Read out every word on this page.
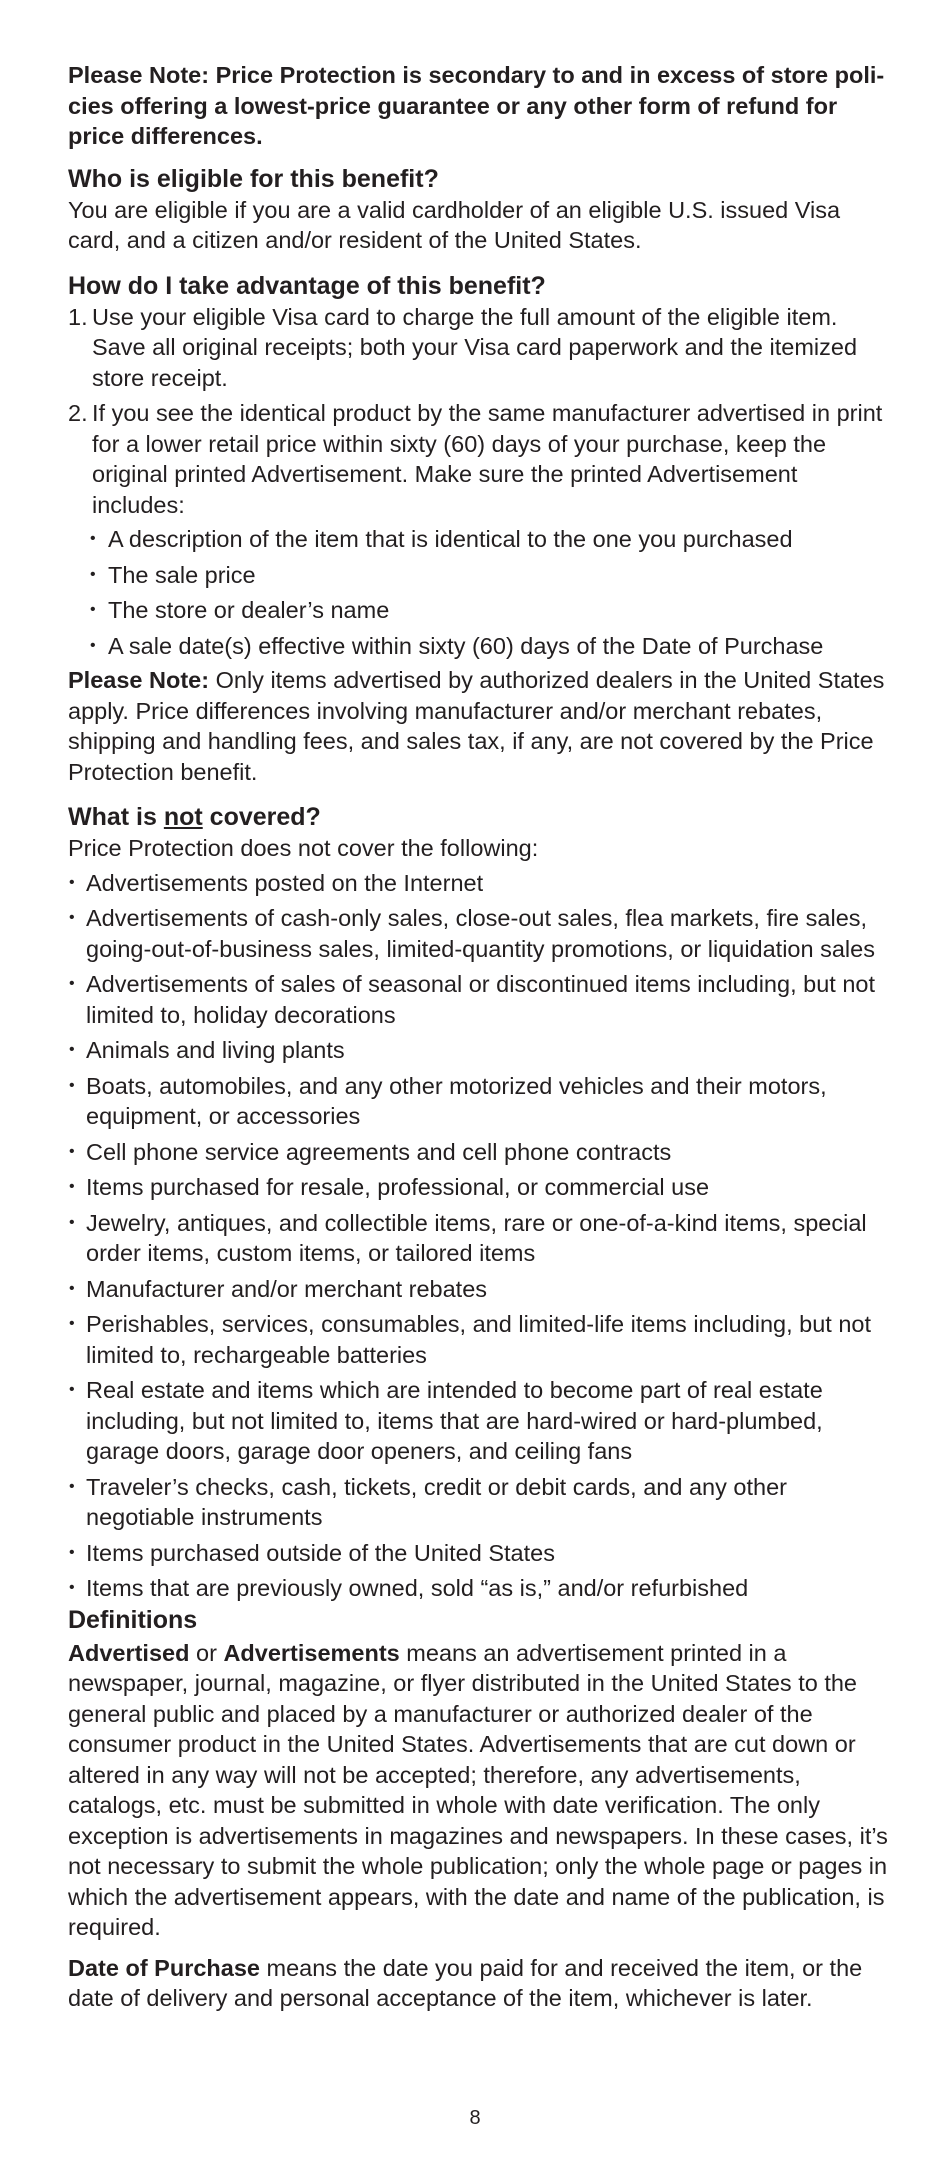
Please Note: Price Protection is secondary to and in excess of store poli-cies offering a lowest-price guarantee or any other form of refund for price differences.

Who is eligible for this benefit?

You are eligible if you are a valid cardholder of an eligible U.S. issued Visa card, and a citizen and/or resident of the United States.

How do I take advantage of this benefit?
1. Use your eligible Visa card to charge the full amount of the eligible item. Save all original receipts; both your Visa card paperwork and the itemized store receipt.
2. If you see the identical product by the same manufacturer advertised in print for a lower retail price within sixty (60) days of your purchase, keep the original printed Advertisement. Make sure the printed Advertisement includes:
• A description of the item that is identical to the one you purchased
• The sale price
• The store or dealer’s name
• A sale date(s) effective within sixty (60) days of the Date of Purchase

Please Note: Only items advertised by authorized dealers in the United States apply. Price differences involving manufacturer and/or merchant rebates, shipping and handling fees, and sales tax, if any, are not covered by the Price Protection benefit.

What is not covered?

Price Protection does not cover the following:

• Advertisements posted on the Internet
• Advertisements of cash-only sales, close-out sales, flea markets, fire sales, going-out-of-business sales, limited-quantity promotions, or liquidation sales
• Advertisements of sales of seasonal or discontinued items including, but not limited to, holiday decorations
• Animals and living plants
• Boats, automobiles, and any other motorized vehicles and their motors, equipment, or accessories
• Cell phone service agreements and cell phone contracts
• Items purchased for resale, professional, or commercial use
• Jewelry, antiques, and collectible items, rare or one-of-a-kind items, special order items, custom items, or tailored items
• Manufacturer and/or merchant rebates
• Perishables, services, consumables, and limited-life items including, but not limited to, rechargeable batteries
• Real estate and items which are intended to become part of real estate including, but not limited to, items that are hard-wired or hard-plumbed, garage doors, garage door openers, and ceiling fans
• Traveler’s checks, cash, tickets, credit or debit cards, and any other negotiable instruments
• Items purchased outside of the United States
• Items that are previously owned, sold “as is,” and/or refurbished
Definitions

Advertised or Advertisements means an advertisement printed in a newspaper, journal, magazine, or flyer distributed in the United States to the general public and placed by a manufacturer or authorized dealer of the consumer product in the United States. Advertisements that are cut down or altered in any way will not be accepted; therefore, any advertisements, catalogs, etc. must be submitted in whole with date verification. The only exception is advertisements in magazines and newspapers. In these cases, it’s not necessary to submit the whole publication; only the whole page or pages in which the advertisement appears, with the date and name of the publication, is required.

Date of Purchase means the date you paid for and received the item, or the date of delivery and personal acceptance of the item, whichever is later.

8
